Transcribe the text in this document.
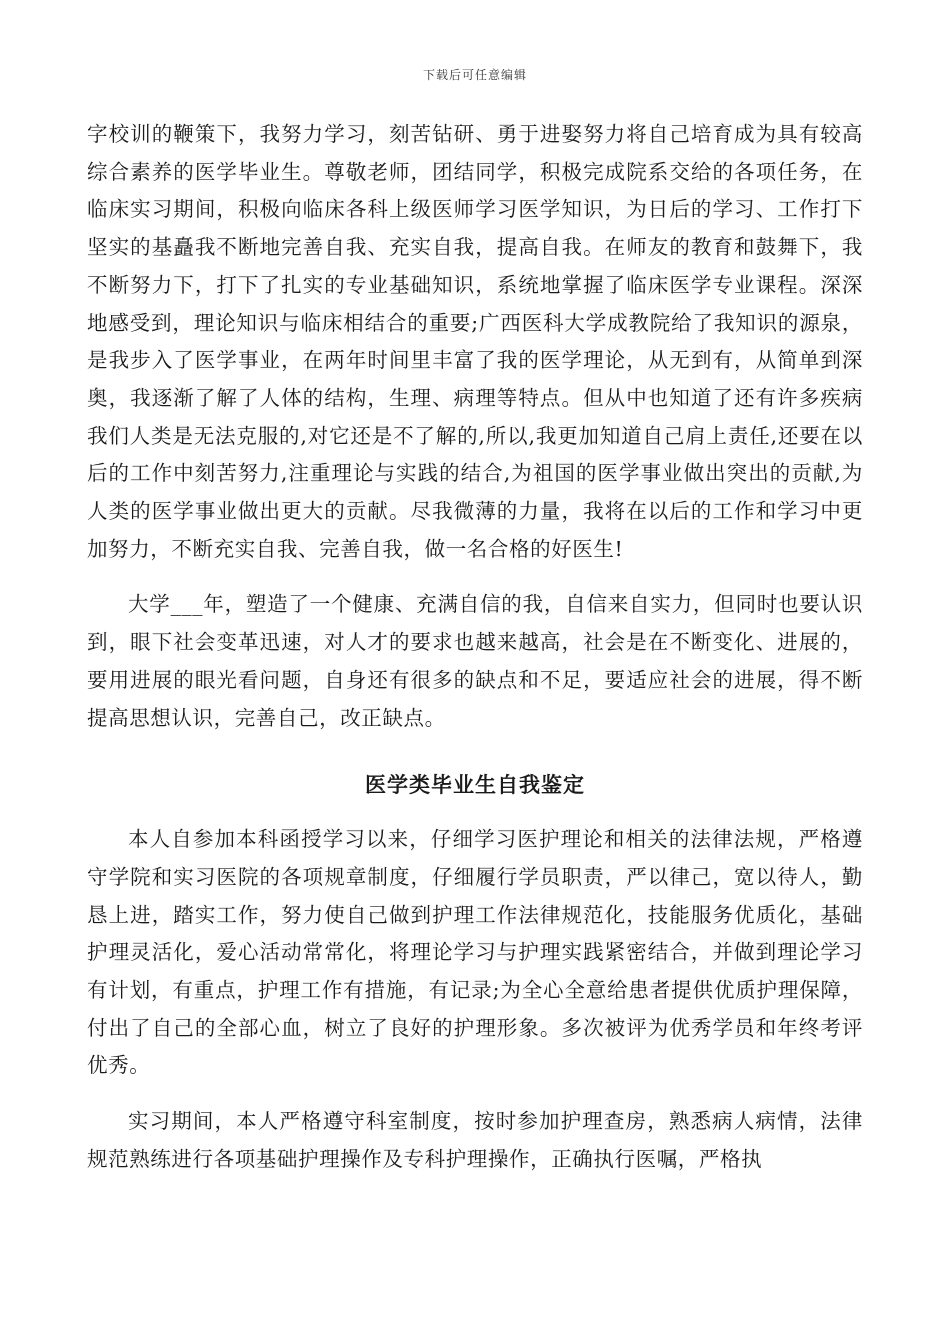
下载后可任意编辑

字校训的鞭策下，我努力学习，刻苦钻研、勇于进娶努力将自己培育成为具有较高综合素养的医学毕业生。尊敬老师，团结同学，积极完成院系交给的各项任务，在临床实习期间，积极向临床各科上级医师学习医学知识，为日后的学习、工作打下坚实的基矗我不断地完善自我、充实自我，提高自我。在师友的教育和鼓舞下，我不断努力下，打下了扎实的专业基础知识，系统地掌握了临床医学专业课程。深深地感受到，理论知识与临床相结合的重要;广西医科大学成教院给了我知识的源泉，是我步入了医学事业，在两年时间里丰富了我的医学理论，从无到有，从简单到深奥，我逐渐了解了人体的结构，生理、病理等特点。但从中也知道了还有许多疾病我们人类是无法克服的,对它还是不了解的,所以,我更加知道自己肩上责任,还要在以后的工作中刻苦努力,注重理论与实践的结合,为祖国的医学事业做出突出的贡献,为人类的医学事业做出更大的贡献。尽我微薄的力量，我将在以后的工作和学习中更加努力，不断充实自我、完善自我，做一名合格的好医生!

大学___年，塑造了一个健康、充满自信的我，自信来自实力，但同时也要认识到，眼下社会变革迅速，对人才的要求也越来越高，社会是在不断变化、进展的，要用进展的眼光看问题，自身还有很多的缺点和不足，要适应社会的进展，得不断提高思想认识，完善自己，改正缺点。

医学类毕业生自我鉴定

本人自参加本科函授学习以来，仔细学习医护理论和相关的法律法规，严格遵守学院和实习医院的各项规章制度，仔细履行学员职责，严以律己，宽以待人，勤恳上进，踏实工作，努力使自己做到护理工作法律规范化，技能服务优质化，基础护理灵活化，爱心活动常常化，将理论学习与护理实践紧密结合，并做到理论学习有计划，有重点，护理工作有措施，有记录;为全心全意给患者提供优质护理保障，付出了自己的全部心血，树立了良好的护理形象。多次被评为优秀学员和年终考评优秀。

实习期间，本人严格遵守科室制度，按时参加护理查房，熟悉病人病情，法律规范熟练进行各项基础护理操作及专科护理操作，正确执行医嘱，严格执
